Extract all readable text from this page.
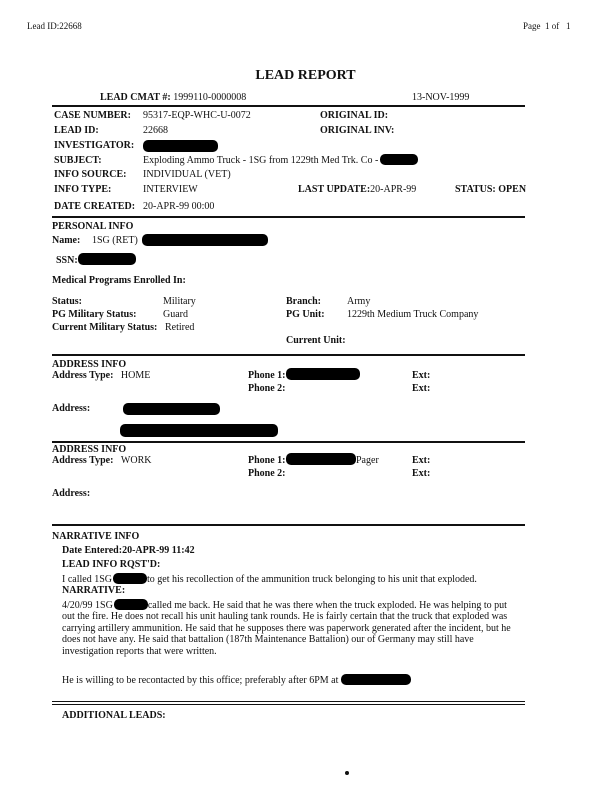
Lead ID:22668	Page 1 of 1
LEAD REPORT
LEAD CMAT #: 1999110-0000008	13-NOV-1999
CASE NUMBER: 95317-EQP-WHC-U-0072	ORIGINAL ID:
LEAD ID:	22668	ORIGINAL INV:
INVESTIGATOR:
SUBJECT:	Exploding Ammo Truck - 1SG from 1229th Med Trk. Co -
INFO SOURCE: INDIVIDUAL (VET)
INFO TYPE:	INTERVIEW	LAST UPDATE:20-APR-99	STATUS: OPEN
DATE CREATED: 20-APR-99 00:00
PERSONAL INFO
Name: 1SG (RET)
SSN:
Medical Programs Enrolled In:
Status:	Military	Branch:	Army
PG Military Status:	Guard	PG Unit: 1229th Medium Truck Company
Current Military Status: Retired
Current Unit:
ADDRESS INFO
Address Type: HOME	Phone 1:	Ext:
Phone 2:	Ext:
Address:
ADDRESS INFO
Address Type: WORK	Phone 1:	Pager	Ext:
Phone 2:	Ext:
Address:
NARRATIVE INFO
Date Entered:20-APR-99 11:42
LEAD INFO RQST'D:
I called 1SG	to get his recollection of the ammunition truck belonging to his unit that exploded.
NARRATIVE:
4/20/99 1SG	called me back. He said that he was there when the truck exploded. He was helping to put
out the fire. He does not recall his unit hauling tank rounds. He is fairly certain that the truck that exploded was carrying artillery ammunition. He said that he supposes there was paperwork generated after the incident, but he does not have any. He said that battalion (187th Maintenance Battalion) our of Germany may still have investigation reports that were written.
He is willing to be recontacted by this office; preferably after 6PM at
ADDITIONAL LEADS:
